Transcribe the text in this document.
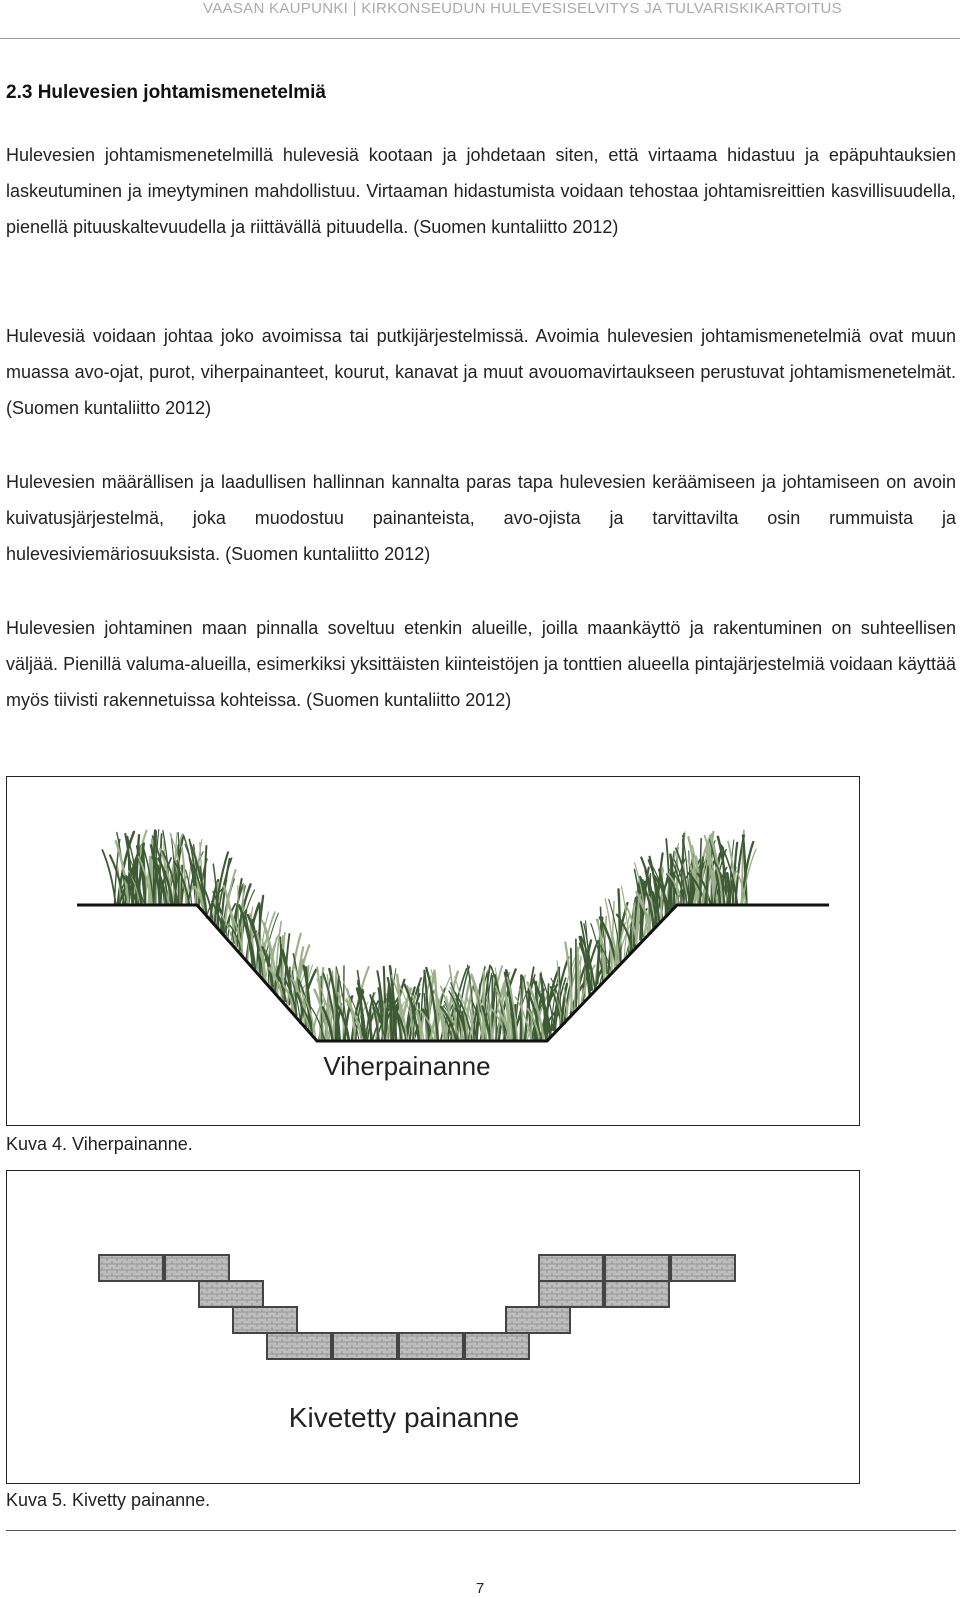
VAASAN KAUPUNKI | KIRKONSEUDUN HULEVESISELVITYS JA TULVARISKIKARTOITUS
2.3 Hulevesien johtamismenetelmiä

Hulevesien johtamismenetelmillä hulevesiä kootaan ja johdetaan siten, että virtaama hidastuu ja epäpuhtauksien laskeutuminen ja imeytyminen mahdollistuu. Virtaaman hidastumista voidaan tehostaa johtamisreittien kasvillisuudella, pienellä pituuskaltevuudella ja riittävällä pituudella. (Suomen kuntaliitto 2012)

Hulevesiä voidaan johtaa joko avoimissa tai putkijärjestelmissä. Avoimia hulevesien johtamismenetelmiä ovat muun muassa avo-ojat, purot, viherpainanteet, kourut, kanavat ja muut avouomavirtaukseen perustuvat johtamismenetelmät. (Suomen kuntaliitto 2012)

Hulevesien määrällisen ja laadullisen hallinnan kannalta paras tapa hulevesien keräämiseen ja johtamiseen on avoin kuivatusjärjestelmä, joka muodostuu painanteista, avo-ojista ja tarvittavilta osin rummuista ja hulevesiviemäriosuuksista. (Suomen kuntaliitto 2012)

Hulevesien johtaminen maan pinnalla soveltuu etenkin alueille, joilla maankäyttö ja rakentuminen on suhteellisen väljää. Pienillä valuma-alueilla, esimerkiksi yksittäisten kiinteistöjen ja tonttien alueella pintajärjestelmiä voidaan käyttää myös tiivisti rakennetuissa kohteissa. (Suomen kuntaliitto 2012)

Viherpainanne
Kuva 4. Viherpainanne.
Kivetetty painanne
Kuva 5. Kivetty painanne.
7
